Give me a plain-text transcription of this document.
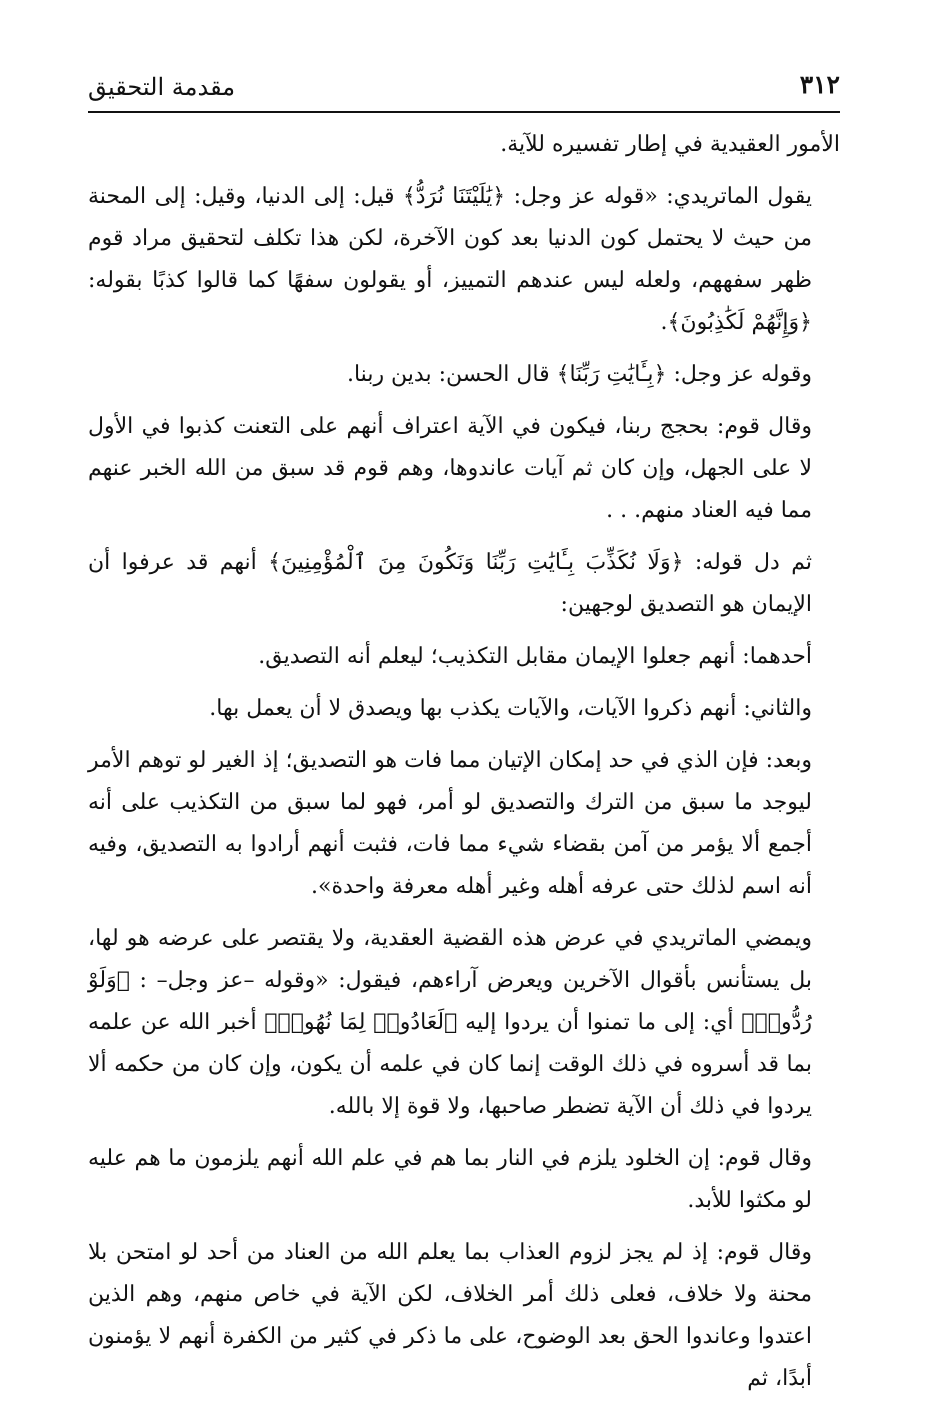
٣١٢
مقدمة التحقيق

الأمور العقيدية في إطار تفسيره للآية.

يقول الماتريدي: «قوله عز وجل: ﴿يَٰلَيْتَنَا نُرَدُّ﴾ قيل: إلى الدنيا، وقيل: إلى المحنة من حيث لا يحتمل كون الدنيا بعد كون الآخرة، لكن هذا تكلف لتحقيق مراد قوم ظهر سفههم، ولعله ليس عندهم التمييز، أو يقولون سفهًا كما قالوا كذبًا بقوله: ﴿وَإِنَّهُمْ لَكَٰذِبُونَ﴾.

وقوله عز وجل: ﴿بِـَٔايَٰتِ رَبِّنَا﴾ قال الحسن: بدين ربنا.

وقال قوم: بحجج ربنا، فيكون في الآية اعتراف أنهم على التعنت كذبوا في الأول لا على الجهل، وإن كان ثم آيات عاندوها، وهم قوم قد سبق من الله الخبر عنهم مما فيه العناد منهم. . .

ثم دل قوله: ﴿وَلَا نُكَذِّبَ بِـَٔايَٰتِ رَبِّنَا وَنَكُونَ مِنَ ٱلْمُؤْمِنِينَ﴾ أنهم قد عرفوا أن الإيمان هو التصديق لوجهين:

أحدهما: أنهم جعلوا الإيمان مقابل التكذيب؛ ليعلم أنه التصديق.

والثاني: أنهم ذكروا الآيات، والآيات يكذب بها ويصدق لا أن يعمل بها.

وبعد: فإن الذي في حد إمكان الإتيان مما فات هو التصديق؛ إذ الغير لو توهم الأمر ليوجد ما سبق من الترك والتصديق لو أمر، فهو لما سبق من التكذيب على أنه أجمع ألا يؤمر من آمن بقضاء شيء مما فات، فثبت أنهم أرادوا به التصديق، وفيه أنه اسم لذلك حتى عرفه أهله وغير أهله معرفة واحدة».

ويمضي الماتريدي في عرض هذه القضية العقدية، ولا يقتصر على عرضه هو لها، بل يستأنس بأقوال الآخرين ويعرض آراءهم، فيقول: «وقوله –عز وجل– : ﴿وَلَوْ رُدُّوا۟﴾ أي: إلى ما تمنوا أن يردوا إليه ﴿لَعَادُوا۟ لِمَا نُهُوا۟﴾ أخبر الله عن علمه بما قد أسروه في ذلك الوقت إنما كان في علمه أن يكون، وإن كان من حكمه ألا يردوا في ذلك أن الآية تضطر صاحبها، ولا قوة إلا بالله.

وقال قوم: إن الخلود يلزم في النار بما هم في علم الله أنهم يلزمون ما هم عليه لو مكثوا للأبد.

وقال قوم: إذ لم يجز لزوم العذاب بما يعلم الله من العناد من أحد لو امتحن بلا محنة ولا خلاف، فعلى ذلك أمر الخلاف، لكن الآية في خاص منهم، وهم الذين اعتدوا وعاندوا الحق بعد الوضوح، على ما ذكر في كثير من الكفرة أنهم لا يؤمنون أبدًا، ثم
